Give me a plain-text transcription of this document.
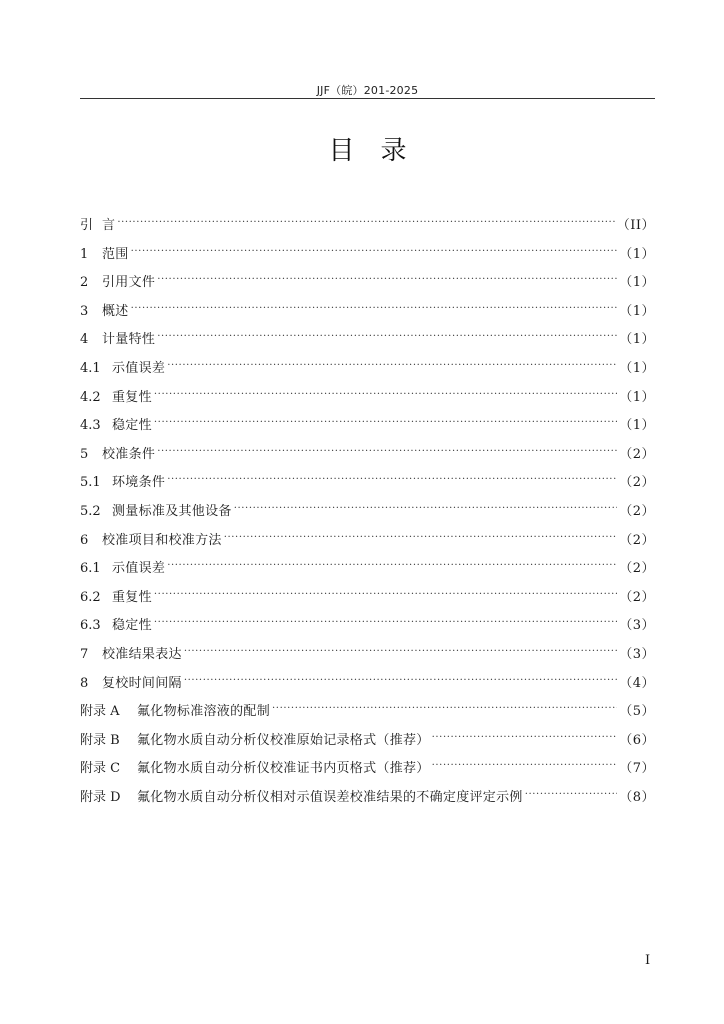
JJF（皖）201-2025
目录
引 言 .....	（II）
1	范围 .....	（1）
2	引用文件 .....	（1）
3	概述 .....	（1）
4	计量特性 .....	（1）
4.1 示值误差 .....	（1）
4.2 重复性 .....	（1）
4.3 稳定性 .....	（1）
5	校准条件 .....	（2）
5.1 环境条件 .....	（2）
5.2 测量标准及其他设备 .....	（2）
6	校准项目和校准方法 .....	（2）
6.1 示值误差 .....	（2）
6.2 重复性 .....	（2）
6.3 稳定性 .....	（3）
7	校准结果表达 .....	（3）
8	复校时间间隔 .....	（4）
附录 A	氟化物标准溶液的配制 .....	（5）
附录 B	氟化物水质自动分析仪校准原始记录格式（推荐） .....	（6）
附录 C	氟化物水质自动分析仪校准证书内页格式（推荐） .....	（7）
附录 D	氟化物水质自动分析仪相对示值误差校准结果的不确定度评定示例 .....	（8）
I
